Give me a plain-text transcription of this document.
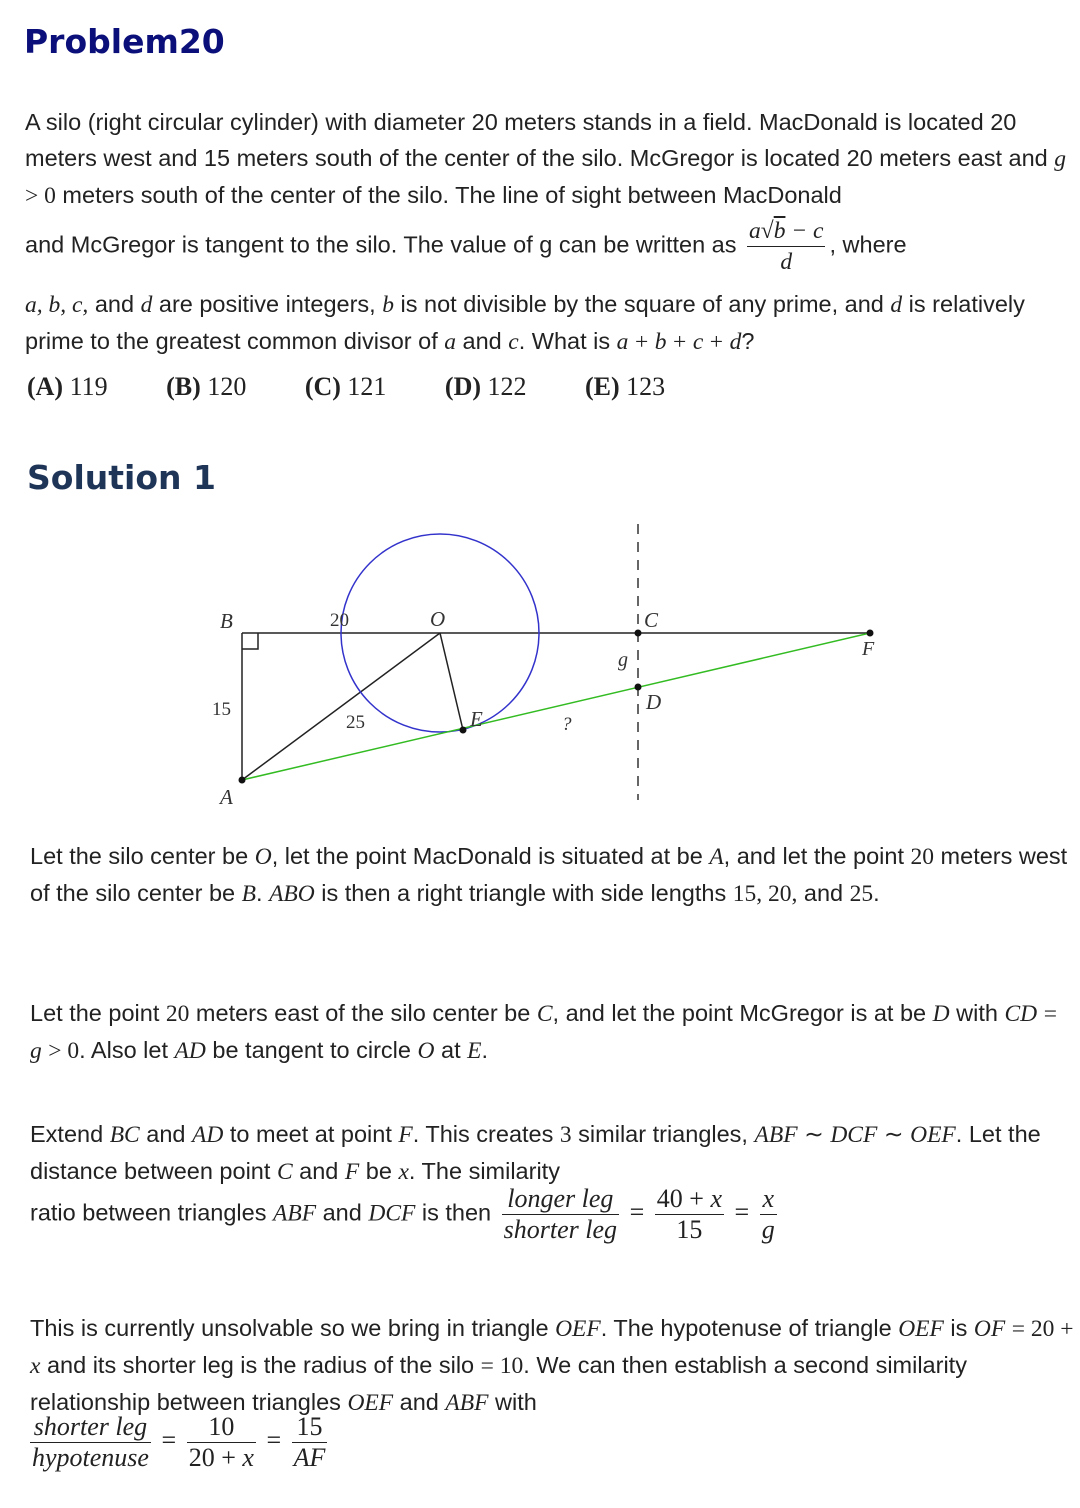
Problem20
A silo (right circular cylinder) with diameter 20 meters stands in a field. MacDonald is located 20 meters west and 15 meters south of the center of the silo. McGregor is located 20 meters east and g > 0 meters south of the center of the silo. The line of sight between MacDonald
and McGregor is tangent to the silo. The value of g can be written as $\frac{a√b - c}{d}$ , where
a, b, c, and d are positive integers, b is not divisible by the square of any prime, and d is relatively prime to the greatest common divisor of a and c. What is a + b + c + d?
(A) 119 (B) 120 (C) 121 (D) 122 (E) 123
Solution 1
B	20	O	C
F
g
D
15
25	E	?
A
Let the silo center be O, let the point MacDonald is situated at be A, and let the point 20 meters west of the silo center be B. ABO is then a right triangle with side lengths 15, 20, and 25.
Let the point 20 meters east of the silo center be C, and let the point McGregor is at be D with CD = g > 0. Also let AD be tangent to circle O at E.
Extend BC and AD to meet at point F. This creates 3 similar triangles, ABF ∼ DCF ∼ OEF. Let the distance between point C and F be x. The similarity
ratio between triangles ABF and DCF is then $\frac{\text{longer leg}}{\text{shorter leg}} = \frac{40 + x}{15} = \frac{x}{g}$
This is currently unsolvable so we bring in triangle OEF. The hypotenuse of triangle OEF is OF = 20 + x and its shorter leg is the radius of the silo = 10. We can then establish a second similarity relationship between triangles OEF and ABF with
$\frac{\text{shorter leg}}{\text{hypotenuse}} = \frac{10}{20 + x} = \frac{15}{AF}$
